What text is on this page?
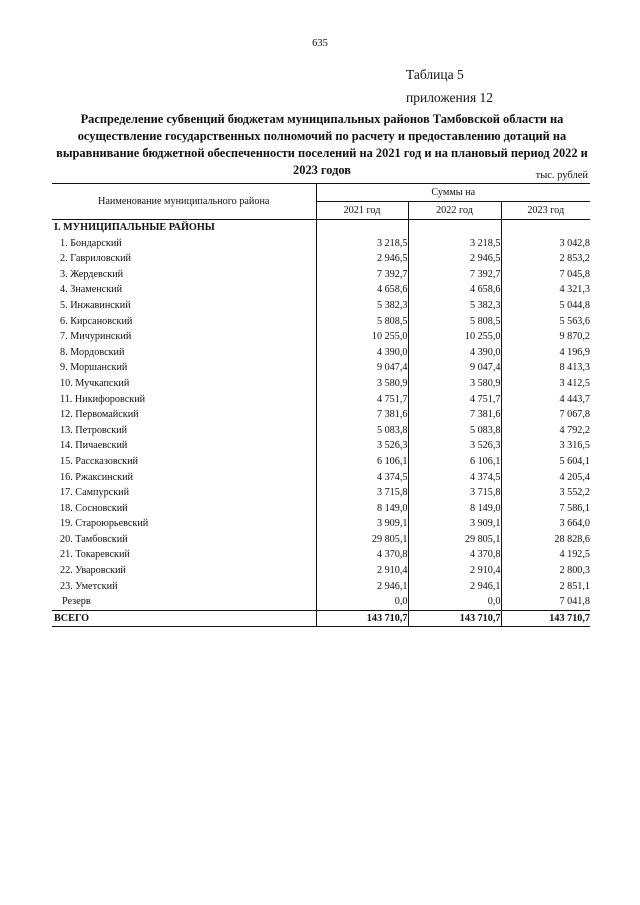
635
Таблица 5
приложения 12
Распределение субвенций бюджетам муниципальных районов Тамбовской области на осуществление государственных полномочий по расчету и предоставлению дотаций на выравнивание бюджетной обеспеченности поселений на 2021 год и на плановый период 2022 и 2023 годов	тыс. рублей
Наименование муниципального района	Суммы на		
	2021 год	2022 год	2023 год
I. МУНИЦИПАЛЬНЫЕ РАЙОНЫ			
1. Бондарский	3 218,5	3 218,5	3 042,8
2. Гавриловский	2 946,5	2 946,5	2 853,2
3. Жердевский	7 392,7	7 392,7	7 045,8
4. Знаменский	4 658,6	4 658,6	4 321,3
5. Инжавинский	5 382,3	5 382,3	5 044,8
6. Кирсановский	5 808,5	5 808,5	5 563,6
7. Мичуринский	10 255,0	10 255,0	9 870,2
8. Мордовский	4 390,0	4 390,0	4 196,9
9. Моршанский	9 047,4	9 047,4	8 413,3
10. Мучкапский	3 580,9	3 580,9	3 412,5
11. Никифоровский	4 751,7	4 751,7	4 443,7
12. Первомайский	7 381,6	7 381,6	7 067,8
13. Петровский	5 083,8	5 083,8	4 792,2
14. Пичаевский	3 526,3	3 526,3	3 316,5
15. Рассказовский	6 106,1	6 106,1	5 604,1
16. Ржаксинский	4 374,5	4 374,5	4 205,4
17. Сампурский	3 715,8	3 715,8	3 552,2
18. Сосновский	8 149,0	8 149,0	7 586,1
19. Староюрьевский	3 909,1	3 909,1	3 664,0
20. Тамбовский	29 805,1	29 805,1	28 828,6
21. Токаревский	4 370,8	4 370,8	4 192,5
22. Уваровский	2 910,4	2 910,4	2 800,3
23. Уметский	2 946,1	2 946,1	2 851,1
Резерв	0,0	0,0	7 041,8
ВСЕГО	143 710,7	143 710,7	143 710,7
